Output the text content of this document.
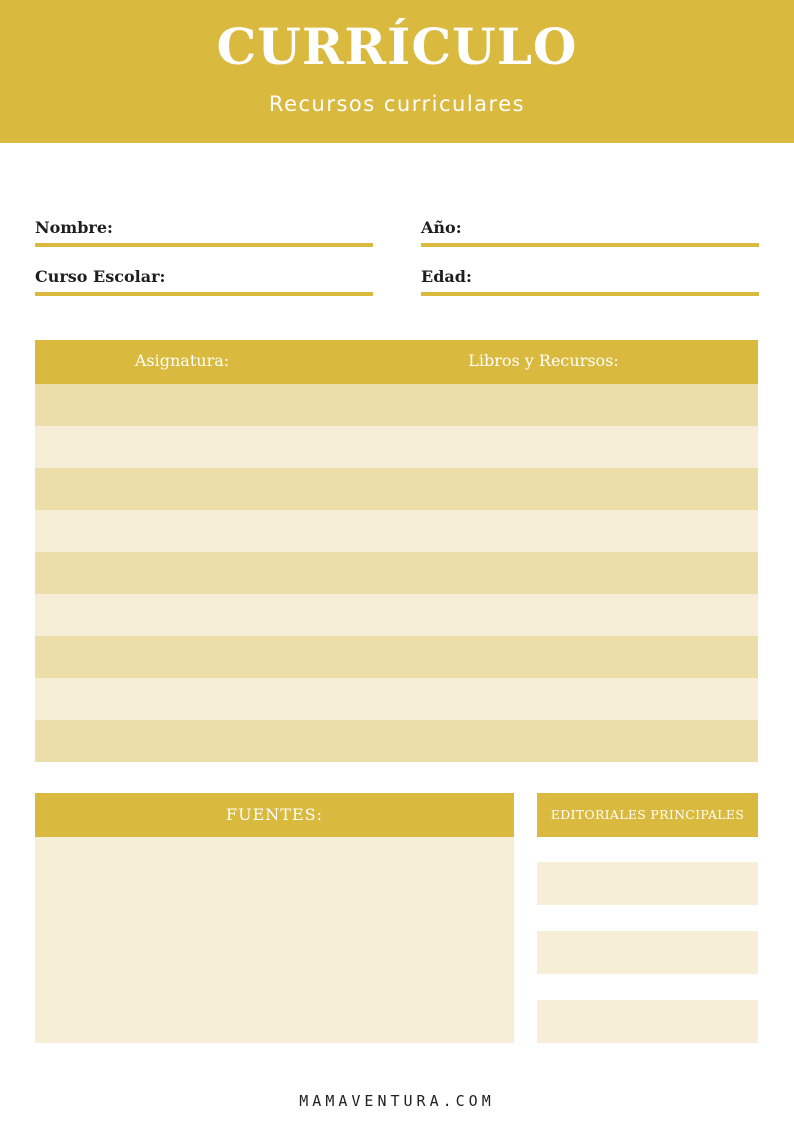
CURRÍCULO
Recursos curriculares
Nombre:	Año:
Curso Escolar:	Edad:
Asignatura:	Libros y Recursos:
FUENTES:	EDITORIALES PRINCIPALES
MAMAVENTURA.COM
